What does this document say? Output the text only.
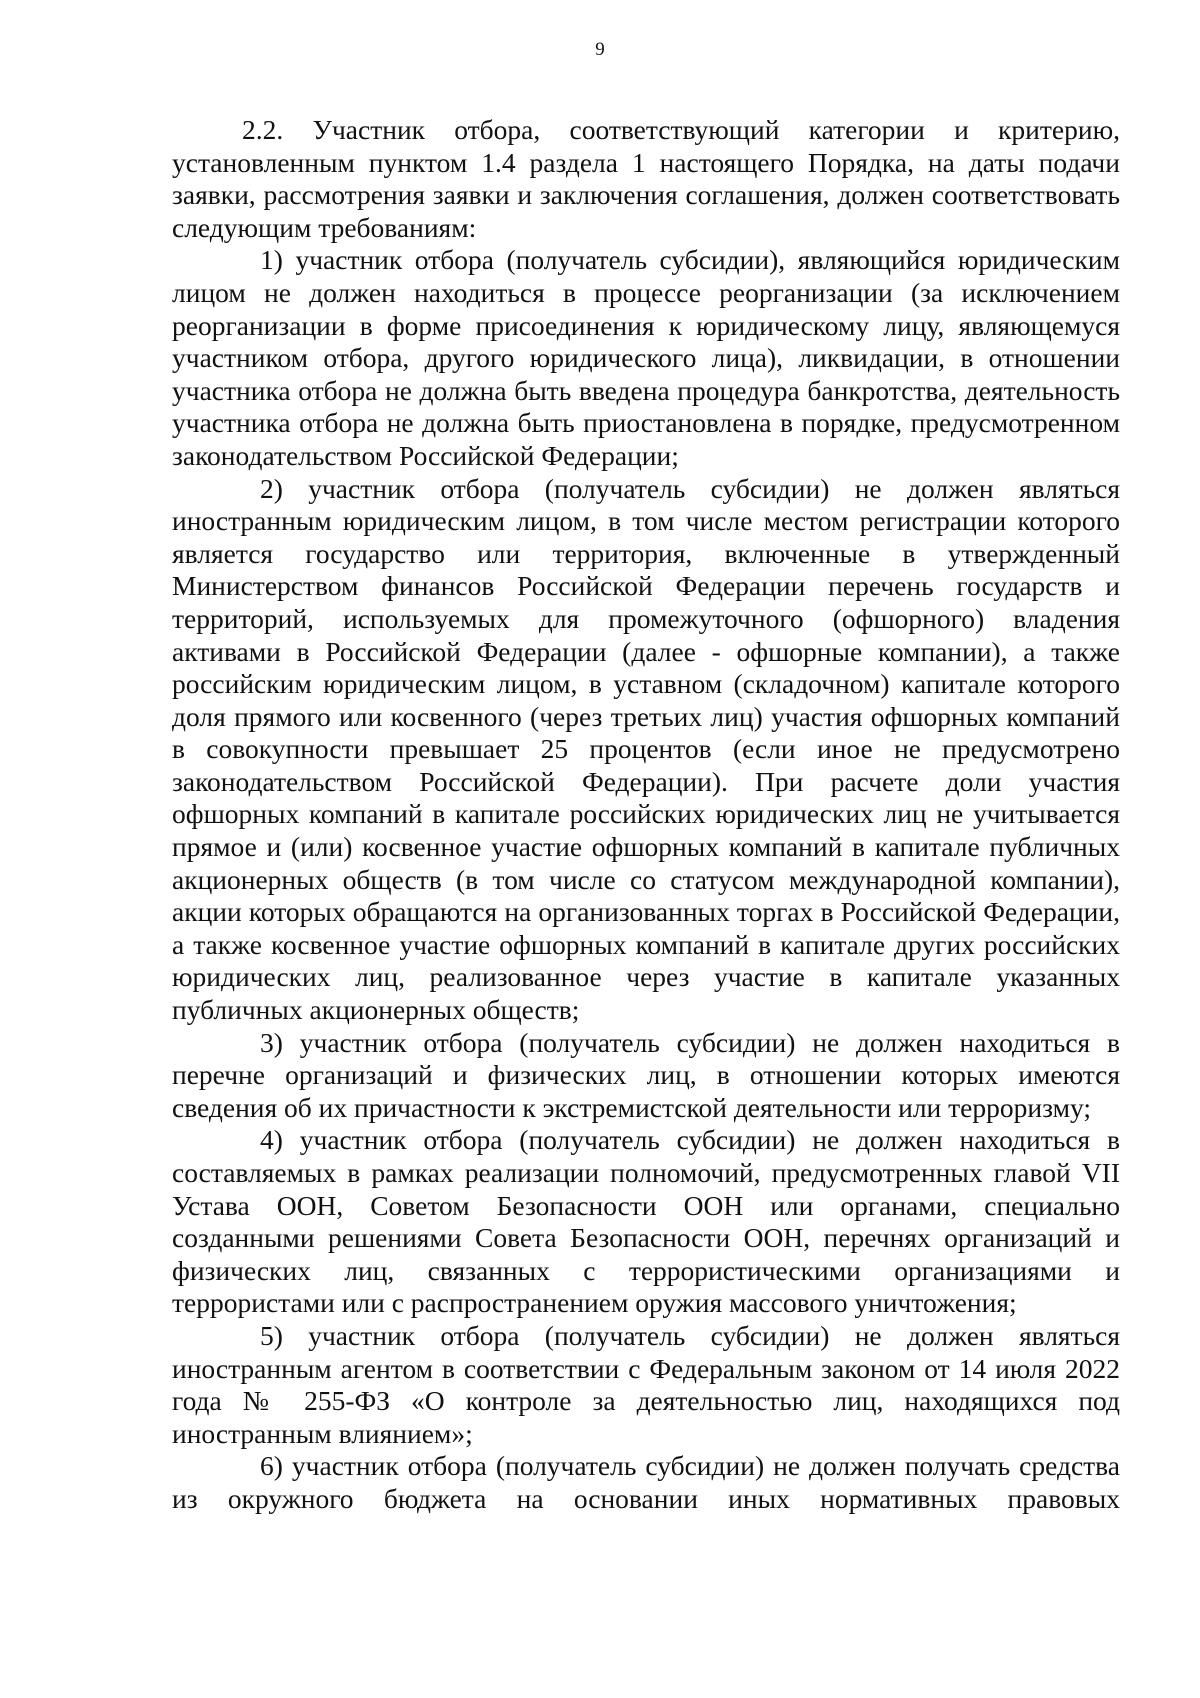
9

2.2. Участник отбора, соответствующий категории и критерию, установленным пунктом 1.4 раздела 1 настоящего Порядка, на даты подачи заявки, рассмотрения заявки и заключения соглашения, должен соответствовать следующим требованиям:

1) участник отбора (получатель субсидии), являющийся юридическим лицом не должен находиться в процессе реорганизации (за исключением реорганизации в форме присоединения к юридическому лицу, являющемуся участником отбора, другого юридического лица), ликвидации, в отношении участника отбора не должна быть введена процедура банкротства, деятельность участника отбора не должна быть приостановлена в порядке, предусмотренном законодательством Российской Федерации;

2) участник отбора (получатель субсидии) не должен являться иностранным юридическим лицом, в том числе местом регистрации которого является государство или территория, включенные в утвержденный Министерством финансов Российской Федерации перечень государств и территорий, используемых для промежуточного (офшорного) владения активами в Российской Федерации (далее - офшорные компании), а также российским юридическим лицом, в уставном (складочном) капитале которого доля прямого или косвенного (через третьих лиц) участия офшорных компаний в совокупности превышает 25 процентов (если иное не предусмотрено законодательством Российской Федерации). При расчете доли участия офшорных компаний в капитале российских юридических лиц не учитывается прямое и (или) косвенное участие офшорных компаний в капитале публичных акционерных обществ (в том числе со статусом международной компании), акции которых обращаются на организованных торгах в Российской Федерации, а также косвенное участие офшорных компаний в капитале других российских юридических лиц, реализованное через участие в капитале указанных публичных акционерных обществ;

3) участник отбора (получатель субсидии) не должен находиться в перечне организаций и физических лиц, в отношении которых имеются сведения об их причастности к экстремистской деятельности или терроризму;

4) участник отбора (получатель субсидии) не должен находиться в составляемых в рамках реализации полномочий, предусмотренных главой VII Устава ООН, Советом Безопасности ООН или органами, специально созданными решениями Совета Безопасности ООН, перечнях организаций и физических лиц, связанных с террористическими организациями и террористами или с распространением оружия массового уничтожения;

5) участник отбора (получатель субсидии) не должен являться иностранным агентом в соответствии с Федеральным законом от 14 июля 2022 года № 255-ФЗ «О контроле за деятельностью лиц, находящихся под иностранным влиянием»;

6) участник отбора (получатель субсидии) не должен получать средства из окружного бюджета на основании иных нормативных правовых
